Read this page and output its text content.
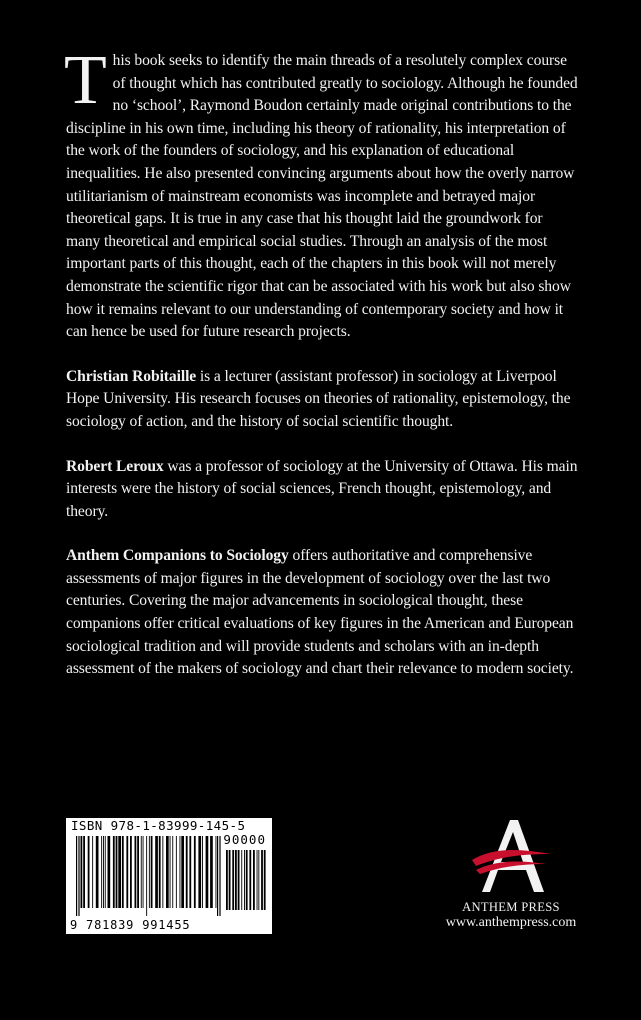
This book seeks to identify the main threads of a resolutely complex course of thought which has contributed greatly to sociology. Although he founded no ‘school’, Raymond Boudon certainly made original contributions to the discipline in his own time, including his theory of rationality, his interpretation of the work of the founders of sociology, and his explanation of educational inequalities. He also presented convincing arguments about how the overly narrow utilitarianism of mainstream economists was incomplete and betrayed major theoretical gaps. It is true in any case that his thought laid the groundwork for many theoretical and empirical social studies. Through an analysis of the most important parts of this thought, each of the chapters in this book will not merely demonstrate the scientific rigor that can be associated with his work but also show how it remains relevant to our understanding of contemporary society and how it can hence be used for future research projects.

Christian Robitaille is a lecturer (assistant professor) in sociology at Liverpool Hope University. His research focuses on theories of rationality, epistemology, the sociology of action, and the history of social scientific thought.

Robert Leroux was a professor of sociology at the University of Ottawa. His main interests were the history of social sciences, French thought, epistemology, and theory.

Anthem Companions to Sociology offers authoritative and comprehensive assessments of major figures in the development of sociology over the last two centuries. Covering the major advancements in sociological thought, these companions offer critical evaluations of key figures in the American and European sociological tradition and will provide students and scholars with an in-depth assessment of the makers of sociology and chart their relevance to modern society.

ISBN 978-1-83999-145-5
90000
9 781839 991455
ANTHEM PRESS
www.anthempress.com
